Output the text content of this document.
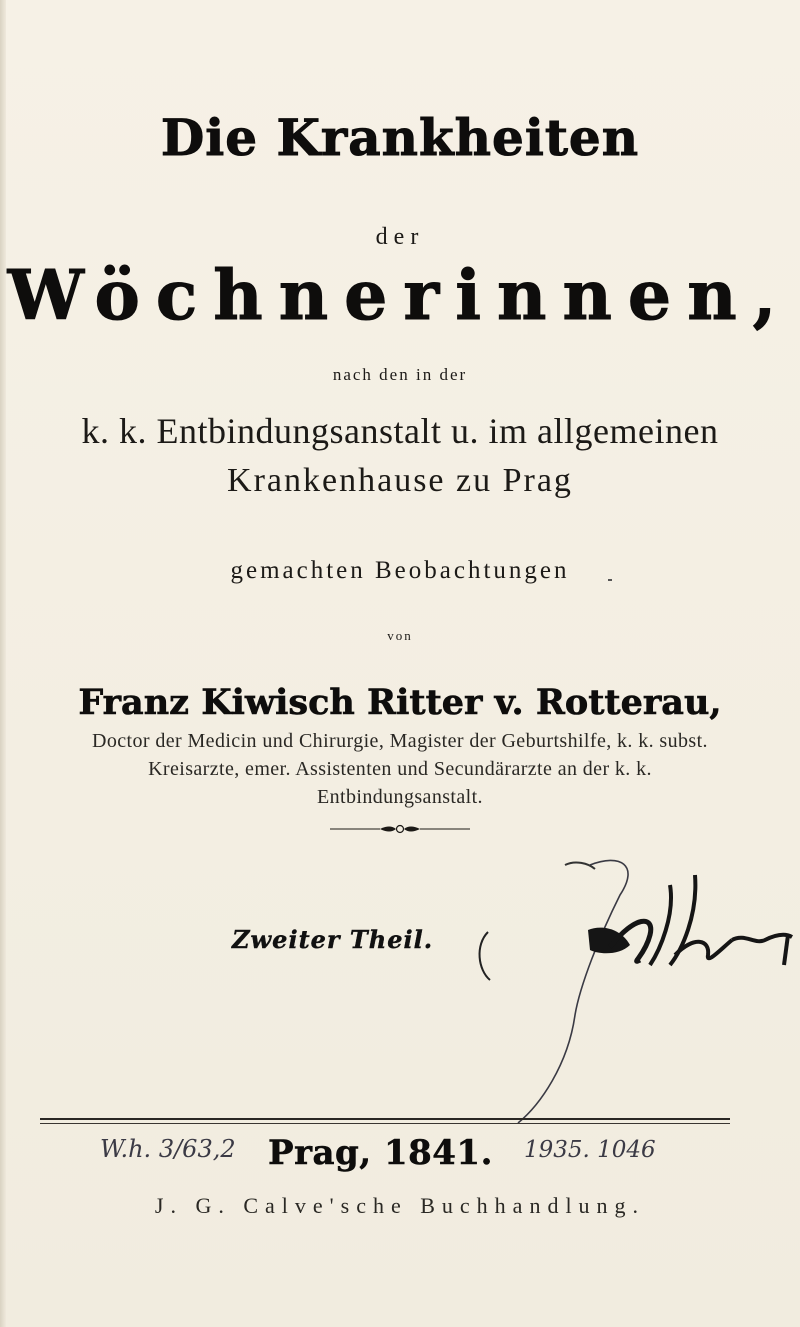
Die Krankheiten
der
Wöchnerinnen,
nach den in der
k. k. Entbindungsanstalt u. im allgemeinen
Krankenhause zu Prag
gemachten Beobachtungen
von
Franz Kiwisch Ritter v. Rotterau,
Doctor der Medicin und Chirurgie, Magister der Geburtshilfe, k. k. subst.
Kreisarzte, emer. Assistenten und Secundärarzte an der k. k.
Entbindungsanstalt.
Zweiter Theil.
W.h. 3/63,2 Prag, 1841. 1935. 1046
J. G. Calve'sche Buchhandlung.
